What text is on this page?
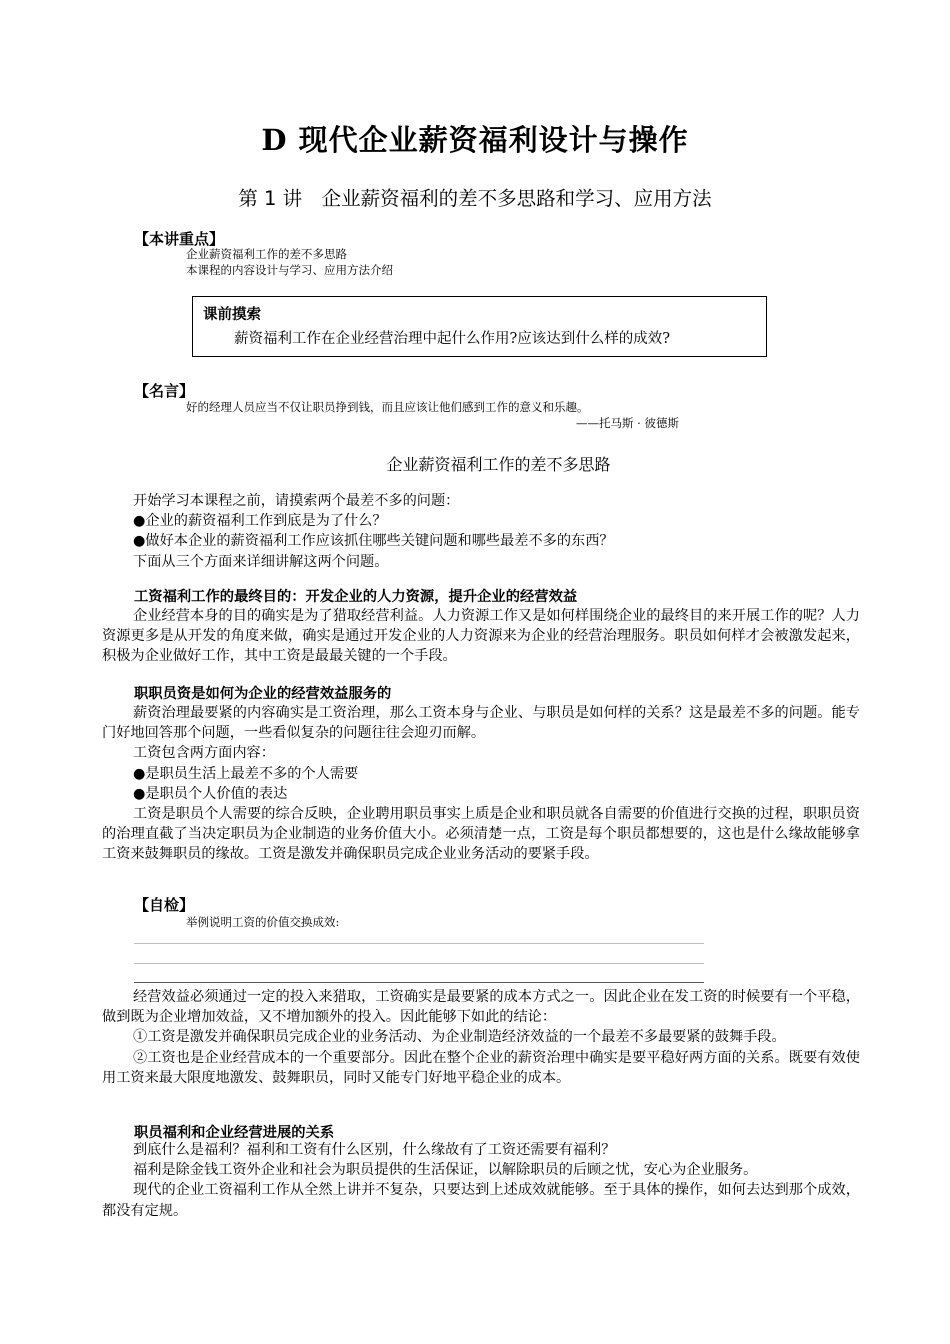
D 现代企业薪资福利设计与操作
第 1 讲　企业薪资福利的差不多思路和学习、应用方法
【本讲重点】
企业薪资福利工作的差不多思路
本课程的内容设计与学习、应用方法介绍
课前摸索
薪资福利工作在企业经营治理中起什么作用?应该达到什么样的成效?
【名言】
好的经理人员应当不仅让职员挣到钱，而且应该让他们感到工作的意义和乐趣。
——托马斯 · 彼德斯
企业薪资福利工作的差不多思路

开始学习本课程之前，请摸索两个最差不多的问题：

●企业的薪资福利工作到底是为了什么？

●做好本企业的薪资福利工作应该抓住哪些关键问题和哪些最差不多的东西？

下面从三个方面来详细讲解这两个问题。

工资福利工作的最终目的：开发企业的人力资源，提升企业的经营效益

企业经营本身的目的确实是为了猎取经营利益。人力资源工作又是如何样围绕企业的最终目的来开展工作的呢？人力资源更多是从开发的角度来做，确实是通过开发企业的人力资源来为企业的经营治理服务。职员如何样才会被激发起来，积极为企业做好工作，其中工资是最最关键的一个手段。

职职员资是如何为企业的经营效益服务的

薪资治理最要紧的内容确实是工资治理，那么工资本身与企业、与职员是如何样的关系？这是最差不多的问题。能专门好地回答那个问题，一些看似复杂的问题往往会迎刃而解。

工资包含两方面内容：

●是职员生活上最差不多的个人需要

●是职员个人价值的表达

工资是职员个人需要的综合反映，企业聘用职员事实上质是企业和职员就各自需要的价值进行交换的过程，职职员资的治理直截了当决定职员为企业制造的业务价值大小。必须清楚一点，工资是每个职员都想要的，这也是什么缘故能够拿工资来鼓舞职员的缘故。工资是激发并确保职员完成企业业务活动的要紧手段。

【自检】
举例说明工资的价值交换成效:

经营效益必须通过一定的投入来猎取，工资确实是最要紧的成本方式之一。因此企业在发工资的时候要有一个平稳，做到既为企业增加效益，又不增加额外的投入。因此能够下如此的结论：

①工资是激发并确保职员完成企业的业务活动、为企业制造经济效益的一个最差不多最要紧的鼓舞手段。

②工资也是企业经营成本的一个重要部分。因此在整个企业的薪资治理中确实是要平稳好两方面的关系。既要有效使用工资来最大限度地激发、鼓舞职员，同时又能专门好地平稳企业的成本。

职员福利和企业经营进展的关系

到底什么是福利？福利和工资有什么区别，什么缘故有了工资还需要有福利？

福利是除金钱工资外企业和社会为职员提供的生活保证，以解除职员的后顾之忧，安心为企业服务。

现代的企业工资福利工作从全然上讲并不复杂，只要达到上述成效就能够。至于具体的操作，如何去达到那个成效，都没有定规。
